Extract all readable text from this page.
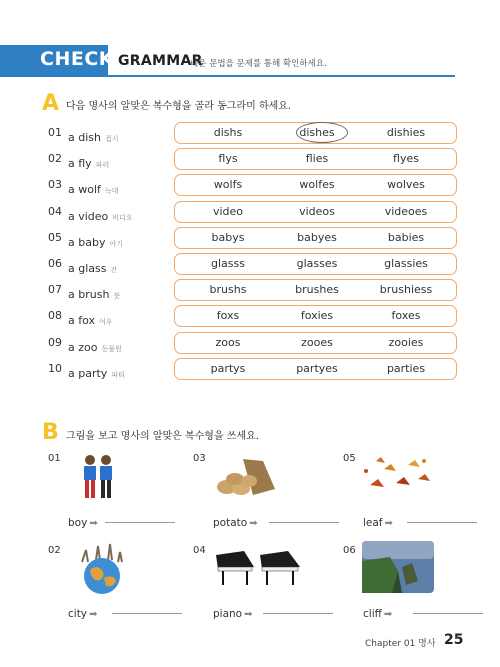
CHECK GRAMMAR
배운 문법을 문제를 통해 확인하세요.
A 다음 명사의 알맞은 복수형을 골라 동그라미 하세요.
01 a dish 접시	dishs	dishes	dishies
02 a fly 파리	flys	flies	flyes
03 a wolf 늑대	wolfs	wolfes	wolves
04 a video 비디오	video	videos	videoes
05 a baby 아기	babys	babyes	babies
06 a glass 잔	glasss	glasses	glassies
07 a brush 붓	brushs	brushes	brushiess
08 a fox 여우	foxs	foxies	foxes
09 a zoo 동물원	zoos	zooes	zooies
10 a party 파티	partys	partyes	parties
B 그림을 보고 명사의 알맞은 복수형을 쓰세요.
01
boy ➡
03
potato ➡
05
leaf ➡
02
city ➡
04
piano ➡
06
cliff ➡
Chapter 01 명사 25
